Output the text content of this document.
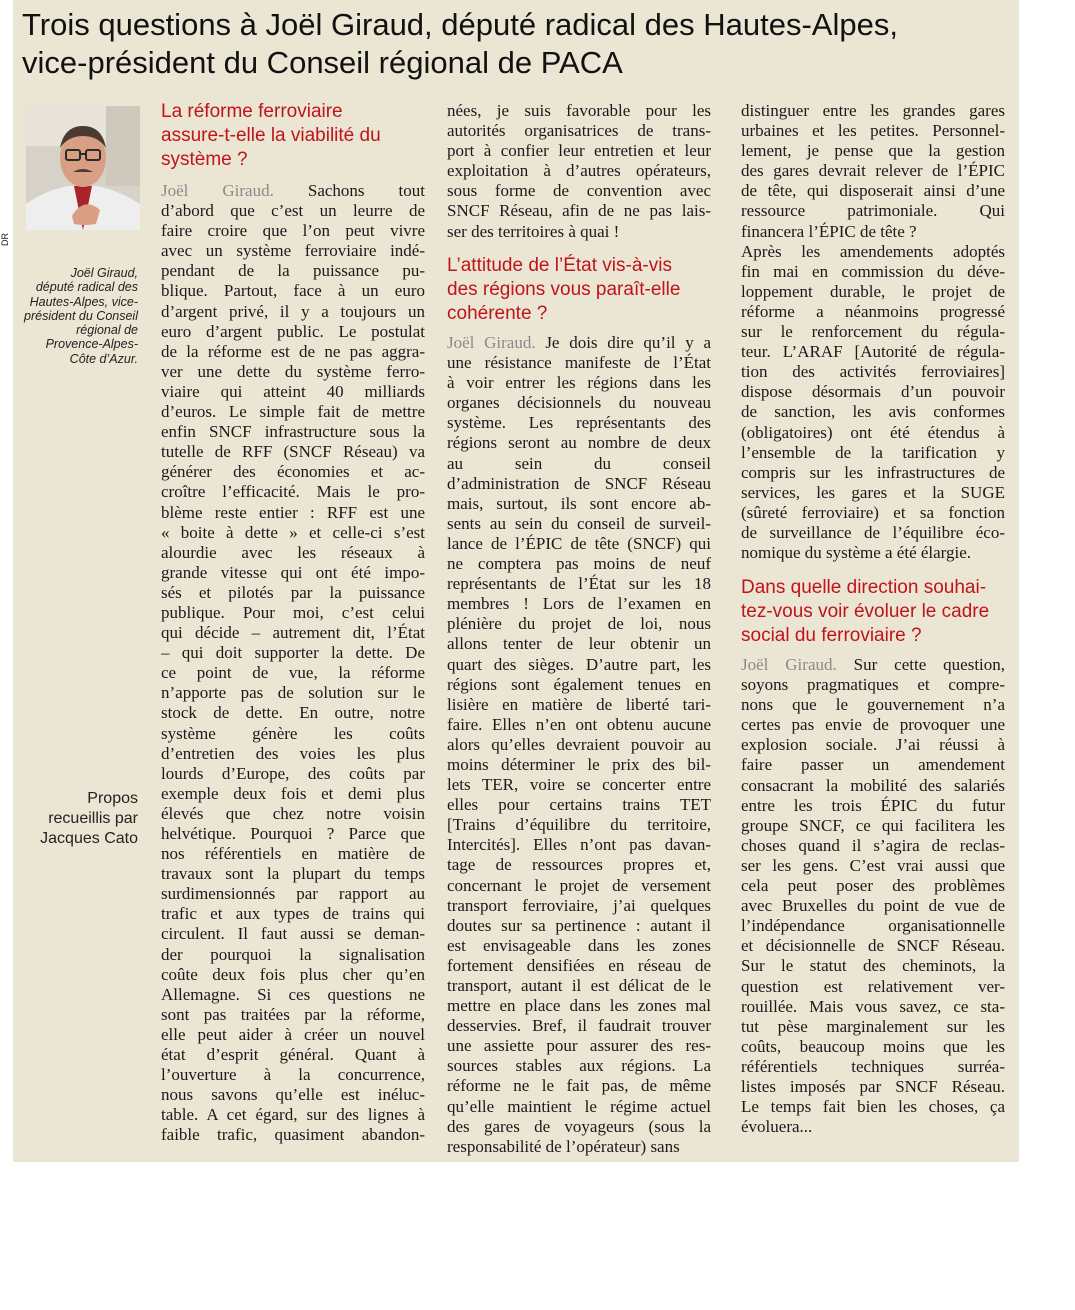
Trois questions à Joël Giraud, député radical des Hautes-Alpes,
vice-président du Conseil régional de PACA
DR

Joël Giraud,
député radical des
Hautes-Alpes, vice-
président du Conseil
régional de
Provence-Alpes-
Côte d’Azur.

Propos
recueillis par
Jacques Cato

La réforme ferroviaire
assure-t-elle la viabilité du
système ?
Joël Giraud. Sachons tout
d’abord que c’est un leurre de
faire croire que l’on peut vivre
avec un système ferroviaire indé-
pendant de la puissance pu-
blique. Partout, face à un euro
d’argent privé, il y a toujours un
euro d’argent public. Le postulat
de la réforme est de ne pas aggra-
ver une dette du système ferro-
viaire qui atteint 40 milliards
d’euros. Le simple fait de mettre
enfin SNCF infrastructure sous la
tutelle de RFF (SNCF Réseau) va
générer des économies et ac-
croître l’efficacité. Mais le pro-
blème reste entier : RFF est une
« boite à dette » et celle-ci s’est
alourdie avec les réseaux à
grande vitesse qui ont été impo-
sés et pilotés par la puissance
publique. Pour moi, c’est celui
qui décide – autrement dit, l’État
– qui doit supporter la dette. De
ce point de vue, la réforme
n’apporte pas de solution sur le
stock de dette. En outre, notre
système génère les coûts
d’entretien des voies les plus
lourds d’Europe, des coûts par
exemple deux fois et demi plus
élevés que chez notre voisin
helvétique. Pourquoi ? Parce que
nos référentiels en matière de
travaux sont la plupart du temps
surdimensionnés par rapport au
trafic et aux types de trains qui
circulent. Il faut aussi se deman-
der pourquoi la signalisation
coûte deux fois plus cher qu’en
Allemagne. Si ces questions ne
sont pas traitées par la réforme,
elle peut aider à créer un nouvel
état d’esprit général. Quant à
l’ouverture à la concurrence,
nous savons qu’elle est inéluc-
table. A cet égard, sur des lignes à
faible trafic, quasiment abandon-
nées, je suis favorable pour les
autorités organisatrices de trans-
port à confier leur entretien et leur
exploitation à d’autres opérateurs,
sous forme de convention avec
SNCF Réseau, afin de ne pas lais-
ser des territoires à quai !
L’attitude de l’État vis-à-vis
des régions vous paraît-elle
cohérente ?
Joël Giraud. Je dois dire qu’il y a
une résistance manifeste de l’État
à voir entrer les régions dans les
organes décisionnels du nouveau
système. Les représentants des
régions seront au nombre de deux
au sein du conseil
d’administration de SNCF Réseau
mais, surtout, ils sont encore ab-
sents au sein du conseil de surveil-
lance de l’ÉPIC de tête (SNCF) qui
ne comptera pas moins de neuf
représentants de l’État sur les 18
membres ! Lors de l’examen en
plénière du projet de loi, nous
allons tenter de leur obtenir un
quart des sièges. D’autre part, les
régions sont également tenues en
lisière en matière de liberté tari-
faire. Elles n’en ont obtenu aucune
alors qu’elles devraient pouvoir au
moins déterminer le prix des bil-
lets TER, voire se concerter entre
elles pour certains trains TET
[Trains d’équilibre du territoire,
Intercités]. Elles n’ont pas davan-
tage de ressources propres et,
concernant le projet de versement
transport ferroviaire, j’ai quelques
doutes sur sa pertinence : autant il
est envisageable dans les zones
fortement densifiées en réseau de
transport, autant il est délicat de le
mettre en place dans les zones mal
desservies. Bref, il faudrait trouver
une assiette pour assurer des res-
sources stables aux régions. La
réforme ne le fait pas, de même
qu’elle maintient le régime actuel
des gares de voyageurs (sous la
responsabilité de l’opérateur) sans
distinguer entre les grandes gares
urbaines et les petites. Personnel-
lement, je pense que la gestion
des gares devrait relever de l’ÉPIC
de tête, qui disposerait ainsi d’une
ressource patrimoniale. Qui
financera l’ÉPIC de tête ?
Après les amendements adoptés
fin mai en commission du déve-
loppement durable, le projet de
réforme a néanmoins progressé
sur le renforcement du régula-
teur. L’ARAF [Autorité de régula-
tion des activités ferroviaires]
dispose désormais d’un pouvoir
de sanction, les avis conformes
(obligatoires) ont été étendus à
l’ensemble de la tarification y
compris sur les infrastructures de
services, les gares et la SUGE
(sûreté ferroviaire) et sa fonction
de surveillance de l’équilibre éco-
nomique du système a été élargie.
Dans quelle direction souhai-
tez-vous voir évoluer le cadre
social du ferroviaire ?
Joël Giraud. Sur cette question,
soyons pragmatiques et compre-
nons que le gouvernement n’a
certes pas envie de provoquer une
explosion sociale. J’ai réussi à
faire passer un amendement
consacrant la mobilité des salariés
entre les trois ÉPIC du futur
groupe SNCF, ce qui facilitera les
choses quand il s’agira de reclas-
ser les gens. C’est vrai aussi que
cela peut poser des problèmes
avec Bruxelles du point de vue de
l’indépendance organisationnelle
et décisionnelle de SNCF Réseau.
Sur le statut des cheminots, la
question est relativement ver-
rouillée. Mais vous savez, ce sta-
tut pèse marginalement sur les
coûts, beaucoup moins que les
référentiels techniques surréa-
listes imposés par SNCF Réseau.
Le temps fait bien les choses, ça
évoluera...
